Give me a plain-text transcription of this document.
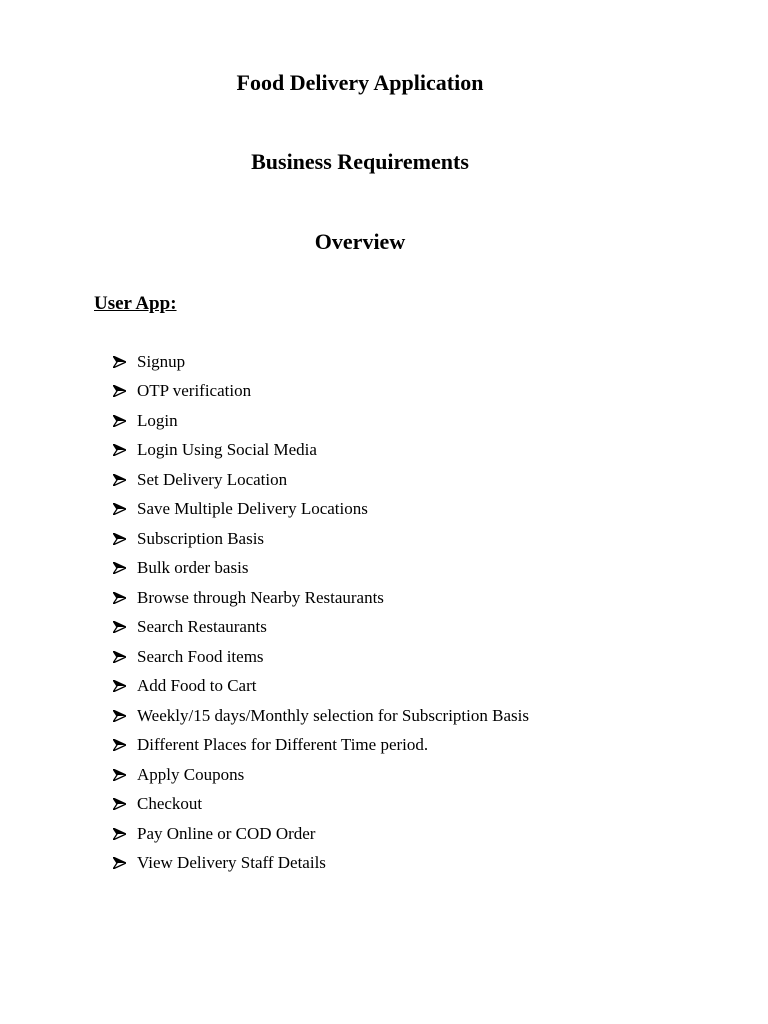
Food Delivery Application
Business Requirements
Overview

User App:

Signup
OTP verification
Login
Login Using Social Media
Set Delivery Location
Save Multiple Delivery Locations
Subscription Basis
Bulk order basis
Browse through Nearby Restaurants
Search Restaurants
Search Food items
Add Food to Cart
Weekly/15 days/Monthly selection for Subscription Basis
Different Places for Different Time period.
Apply Coupons
Checkout
Pay Online or COD Order
View Delivery Staff Details
